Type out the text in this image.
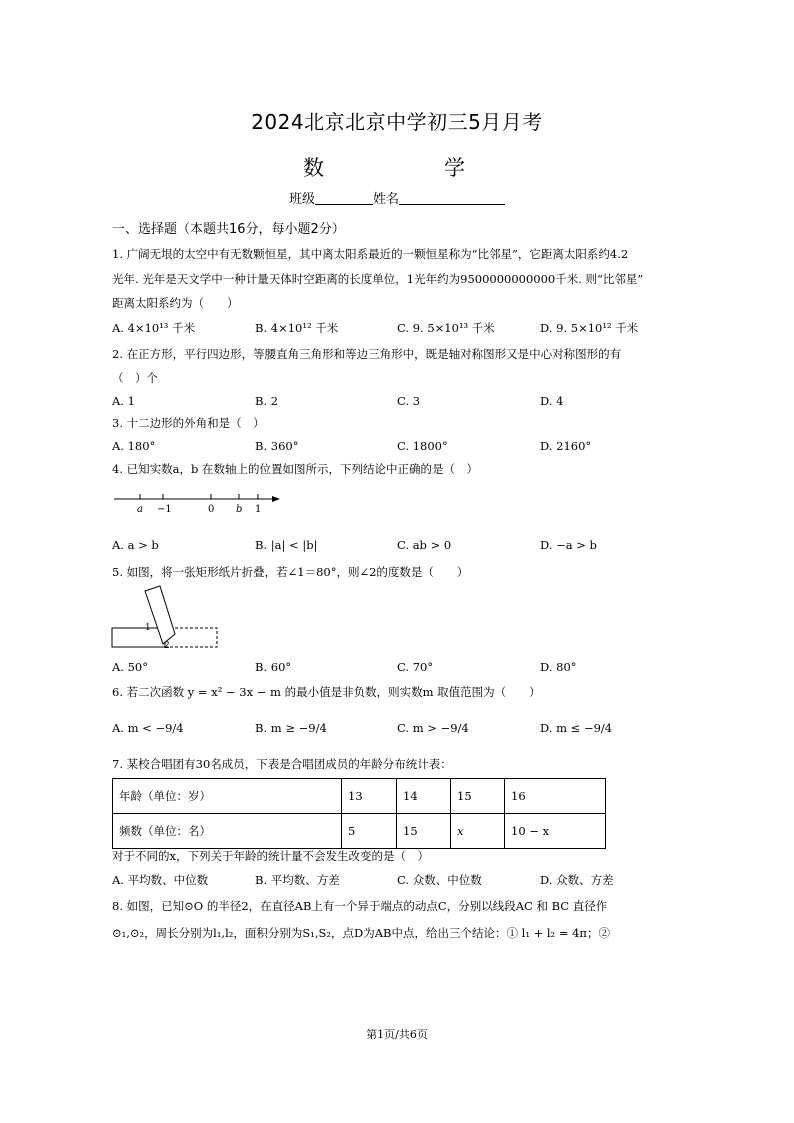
2024北京北京中学初三5月月考
数　　学
班级	姓名
一、选择题（本题共16分，每小题2分）
1. 广阔无垠的太空中有无数颗恒星，其中离太阳系最近的一颗恒星称为“比邻星”，它距离太阳系约4.2
光年. 光年是天文学中一种计量天体时空距离的长度单位，1光年约为9500000000000千米. 则“比邻星”
距离太阳系约为（　　）
A. 4×10¹³ 千米	B. 4×10¹² 千米	C. 9. 5×10¹³ 千米	D. 9. 5×10¹² 千米
2. 在正方形，平行四边形，等腰直角三角形和等边三角形中，既是轴对称图形又是中心对称图形的有
（　）个
A. 1	B. 2	C. 3	D. 4
3. 十二边形的外角和是（　）
A. 180°	B. 360°	C. 1800°	D. 2160°
4. 已知实数a，b 在数轴上的位置如图所示，下列结论中正确的是（　）
a −1	0 b 1
A. a > b	B. |a| < |b|	C. ab > 0	D. −a > b
5. 如图，将一张矩形纸片折叠，若∠1＝80°，则∠2的度数是（　　）
1
2
A. 50°	B. 60°	C. 70°	D. 80°
6. 若二次函数 y = x² − 3x − m 的最小值是非负数，则实数m 取值范围为（　　）
A. m < −9/4	B. m ≥ −9/4	C. m > −9/4	D. m ≤ −9/4
7. 某校合唱团有30名成员，下表是合唱团成员的年龄分布统计表：
年龄（单位：岁）	13	14	15	16
频数（单位：名）	5	15	x	10 − x
对于不同的x，下列关于年龄的统计量不会发生改变的是（　）
A. 平均数、中位数	B. 平均数、方差	C. 众数、中位数	D. 众数、方差
8. 如图，已知⊙O 的半径2，在直径AB上有一个异于端点的动点C，分别以线段AC 和 BC 直径作
⊙₁,⊙₂，周长分别为l₁,l₂，面积分别为S₁,S₂，点D为AB中点，给出三个结论：① l₁ + l₂ = 4π；②
第1页/共6页
